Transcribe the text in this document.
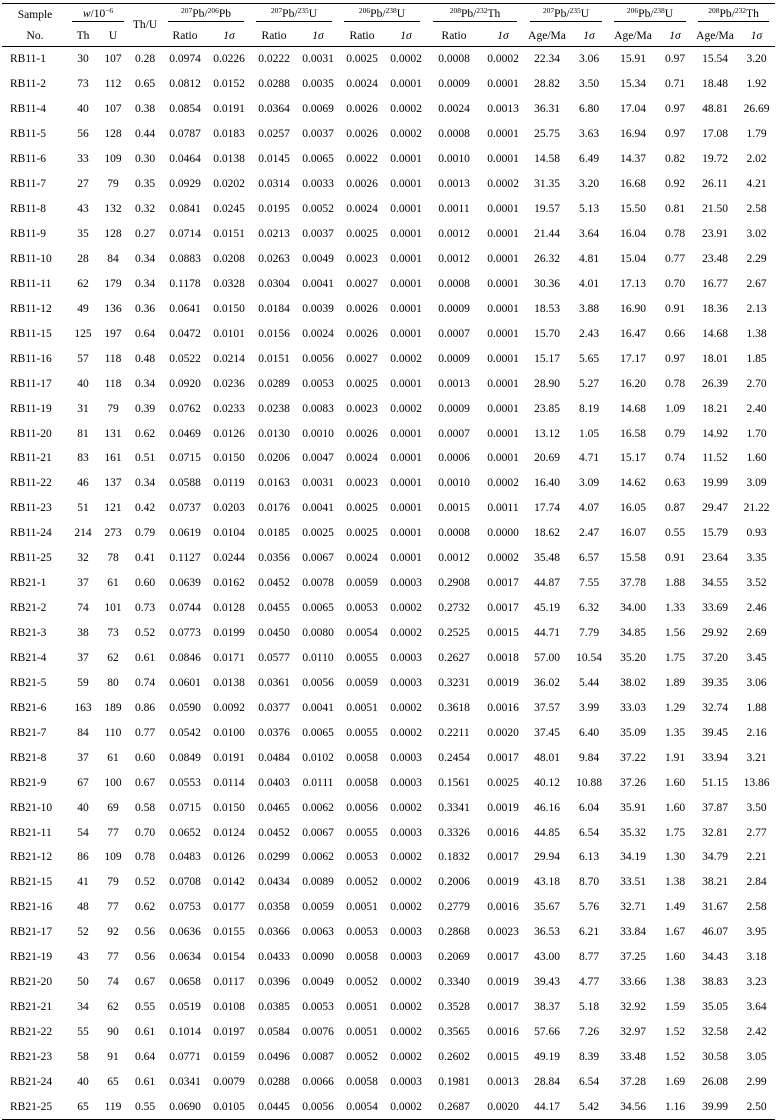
Sample	$w/10^{-6}$		Th/U	$^{207}$Pb/$^{206}$Pb		$^{207}$Pb/$^{235}$U		$^{206}$Pb/$^{238}$U		$^{208}$Pb/$^{232}$Th		$^{207}$Pb/$^{235}$U		$^{206}$Pb/$^{238}$U		$^{208}$Pb/$^{232}$Th	
No.	Th	U		Ratio	1σ	Ratio	1σ	Ratio	1σ	Ratio	1σ	Age/Ma	1σ	Age/Ma	1σ	Age/Ma	1σ
RB11-1	30	107	0.28	0.0974	0.0226	0.0222	0.0031	0.0025	0.0002	0.0008	0.0002	22.34	3.06	15.91	0.97	15.54	3.20
RB11-2	73	112	0.65	0.0812	0.0152	0.0288	0.0035	0.0024	0.0001	0.0009	0.0001	28.82	3.50	15.34	0.71	18.48	1.92
RB11-4	40	107	0.38	0.0854	0.0191	0.0364	0.0069	0.0026	0.0002	0.0024	0.0013	36.31	6.80	17.04	0.97	48.81	26.69
RB11-5	56	128	0.44	0.0787	0.0183	0.0257	0.0037	0.0026	0.0002	0.0008	0.0001	25.75	3.63	16.94	0.97	17.08	1.79
RB11-6	33	109	0.30	0.0464	0.0138	0.0145	0.0065	0.0022	0.0001	0.0010	0.0001	14.58	6.49	14.37	0.82	19.72	2.02
RB11-7	27	79	0.35	0.0929	0.0202	0.0314	0.0033	0.0026	0.0001	0.0013	0.0002	31.35	3.20	16.68	0.92	26.11	4.21
RB11-8	43	132	0.32	0.0841	0.0245	0.0195	0.0052	0.0024	0.0001	0.0011	0.0001	19.57	5.13	15.50	0.81	21.50	2.58
RB11-9	35	128	0.27	0.0714	0.0151	0.0213	0.0037	0.0025	0.0001	0.0012	0.0001	21.44	3.64	16.04	0.78	23.91	3.02
RB11-10	28	84	0.34	0.0883	0.0208	0.0263	0.0049	0.0023	0.0001	0.0012	0.0001	26.32	4.81	15.04	0.77	23.48	2.29
RB11-11	62	179	0.34	0.1178	0.0328	0.0304	0.0041	0.0027	0.0001	0.0008	0.0001	30.36	4.01	17.13	0.70	16.77	2.67
RB11-12	49	136	0.36	0.0641	0.0150	0.0184	0.0039	0.0026	0.0001	0.0009	0.0001	18.53	3.88	16.90	0.91	18.36	2.13
RB11-15	125	197	0.64	0.0472	0.0101	0.0156	0.0024	0.0026	0.0001	0.0007	0.0001	15.70	2.43	16.47	0.66	14.68	1.38
RB11-16	57	118	0.48	0.0522	0.0214	0.0151	0.0056	0.0027	0.0002	0.0009	0.0001	15.17	5.65	17.17	0.97	18.01	1.85
RB11-17	40	118	0.34	0.0920	0.0236	0.0289	0.0053	0.0025	0.0001	0.0013	0.0001	28.90	5.27	16.20	0.78	26.39	2.70
RB11-19	31	79	0.39	0.0762	0.0233	0.0238	0.0083	0.0023	0.0002	0.0009	0.0001	23.85	8.19	14.68	1.09	18.21	2.40
RB11-20	81	131	0.62	0.0469	0.0126	0.0130	0.0010	0.0026	0.0001	0.0007	0.0001	13.12	1.05	16.58	0.79	14.92	1.70
RB11-21	83	161	0.51	0.0715	0.0150	0.0206	0.0047	0.0024	0.0001	0.0006	0.0001	20.69	4.71	15.17	0.74	11.52	1.60
RB11-22	46	137	0.34	0.0588	0.0119	0.0163	0.0031	0.0023	0.0001	0.0010	0.0002	16.40	3.09	14.62	0.63	19.99	3.09
RB11-23	51	121	0.42	0.0737	0.0203	0.0176	0.0041	0.0025	0.0001	0.0015	0.0011	17.74	4.07	16.05	0.87	29.47	21.22
RB11-24	214	273	0.79	0.0619	0.0104	0.0185	0.0025	0.0025	0.0001	0.0008	0.0000	18.62	2.47	16.07	0.55	15.79	0.93
RB11-25	32	78	0.41	0.1127	0.0244	0.0356	0.0067	0.0024	0.0001	0.0012	0.0002	35.48	6.57	15.58	0.91	23.64	3.35
RB21-1	37	61	0.60	0.0639	0.0162	0.0452	0.0078	0.0059	0.0003	0.2908	0.0017	44.87	7.55	37.78	1.88	34.55	3.52
RB21-2	74	101	0.73	0.0744	0.0128	0.0455	0.0065	0.0053	0.0002	0.2732	0.0017	45.19	6.32	34.00	1.33	33.69	2.46
RB21-3	38	73	0.52	0.0773	0.0199	0.0450	0.0080	0.0054	0.0002	0.2525	0.0015	44.71	7.79	34.85	1.56	29.92	2.69
RB21-4	37	62	0.61	0.0846	0.0171	0.0577	0.0110	0.0055	0.0003	0.2627	0.0018	57.00	10.54	35.20	1.75	37.20	3.45
RB21-5	59	80	0.74	0.0601	0.0138	0.0361	0.0056	0.0059	0.0003	0.3231	0.0019	36.02	5.44	38.02	1.89	39.35	3.06
RB21-6	163	189	0.86	0.0590	0.0092	0.0377	0.0041	0.0051	0.0002	0.3618	0.0016	37.57	3.99	33.03	1.29	32.74	1.88
RB21-7	84	110	0.77	0.0542	0.0100	0.0376	0.0065	0.0055	0.0002	0.2211	0.0020	37.45	6.40	35.09	1.35	39.45	2.16
RB21-8	37	61	0.60	0.0849	0.0191	0.0484	0.0102	0.0058	0.0003	0.2454	0.0017	48.01	9.84	37.22	1.91	33.94	3.21
RB21-9	67	100	0.67	0.0553	0.0114	0.0403	0.0111	0.0058	0.0003	0.1561	0.0025	40.12	10.88	37.26	1.60	51.15	13.86
RB21-10	40	69	0.58	0.0715	0.0150	0.0465	0.0062	0.0056	0.0002	0.3341	0.0019	46.16	6.04	35.91	1.60	37.87	3.50
RB21-11	54	77	0.70	0.0652	0.0124	0.0452	0.0067	0.0055	0.0003	0.3326	0.0016	44.85	6.54	35.32	1.75	32.81	2.77
RB21-12	86	109	0.78	0.0483	0.0126	0.0299	0.0062	0.0053	0.0002	0.1832	0.0017	29.94	6.13	34.19	1.30	34.79	2.21
RB21-15	41	79	0.52	0.0708	0.0142	0.0434	0.0089	0.0052	0.0002	0.2006	0.0019	43.18	8.70	33.51	1.38	38.21	2.84
RB21-16	48	77	0.62	0.0753	0.0177	0.0358	0.0059	0.0051	0.0002	0.2779	0.0016	35.67	5.76	32.71	1.49	31.67	2.58
RB21-17	52	92	0.56	0.0636	0.0155	0.0366	0.0063	0.0053	0.0003	0.2868	0.0023	36.53	6.21	33.84	1.67	46.07	3.95
RB21-19	43	77	0.56	0.0634	0.0154	0.0433	0.0090	0.0058	0.0003	0.2069	0.0017	43.00	8.77	37.25	1.60	34.43	3.18
RB21-20	50	74	0.67	0.0658	0.0117	0.0396	0.0049	0.0052	0.0002	0.3340	0.0019	39.43	4.77	33.66	1.38	38.83	3.23
RB21-21	34	62	0.55	0.0519	0.0108	0.0385	0.0053	0.0051	0.0002	0.3528	0.0017	38.37	5.18	32.92	1.59	35.05	3.64
RB21-22	55	90	0.61	0.1014	0.0197	0.0584	0.0076	0.0051	0.0002	0.3565	0.0016	57.66	7.26	32.97	1.52	32.58	2.42
RB21-23	58	91	0.64	0.0771	0.0159	0.0496	0.0087	0.0052	0.0002	0.2602	0.0015	49.19	8.39	33.48	1.52	30.58	3.05
RB21-24	40	65	0.61	0.0341	0.0079	0.0288	0.0066	0.0058	0.0003	0.1981	0.0013	28.84	6.54	37.28	1.69	26.08	2.99
RB21-25	65	119	0.55	0.0690	0.0105	0.0445	0.0056	0.0054	0.0002	0.2687	0.0020	44.17	5.42	34.56	1.16	39.99	2.50
